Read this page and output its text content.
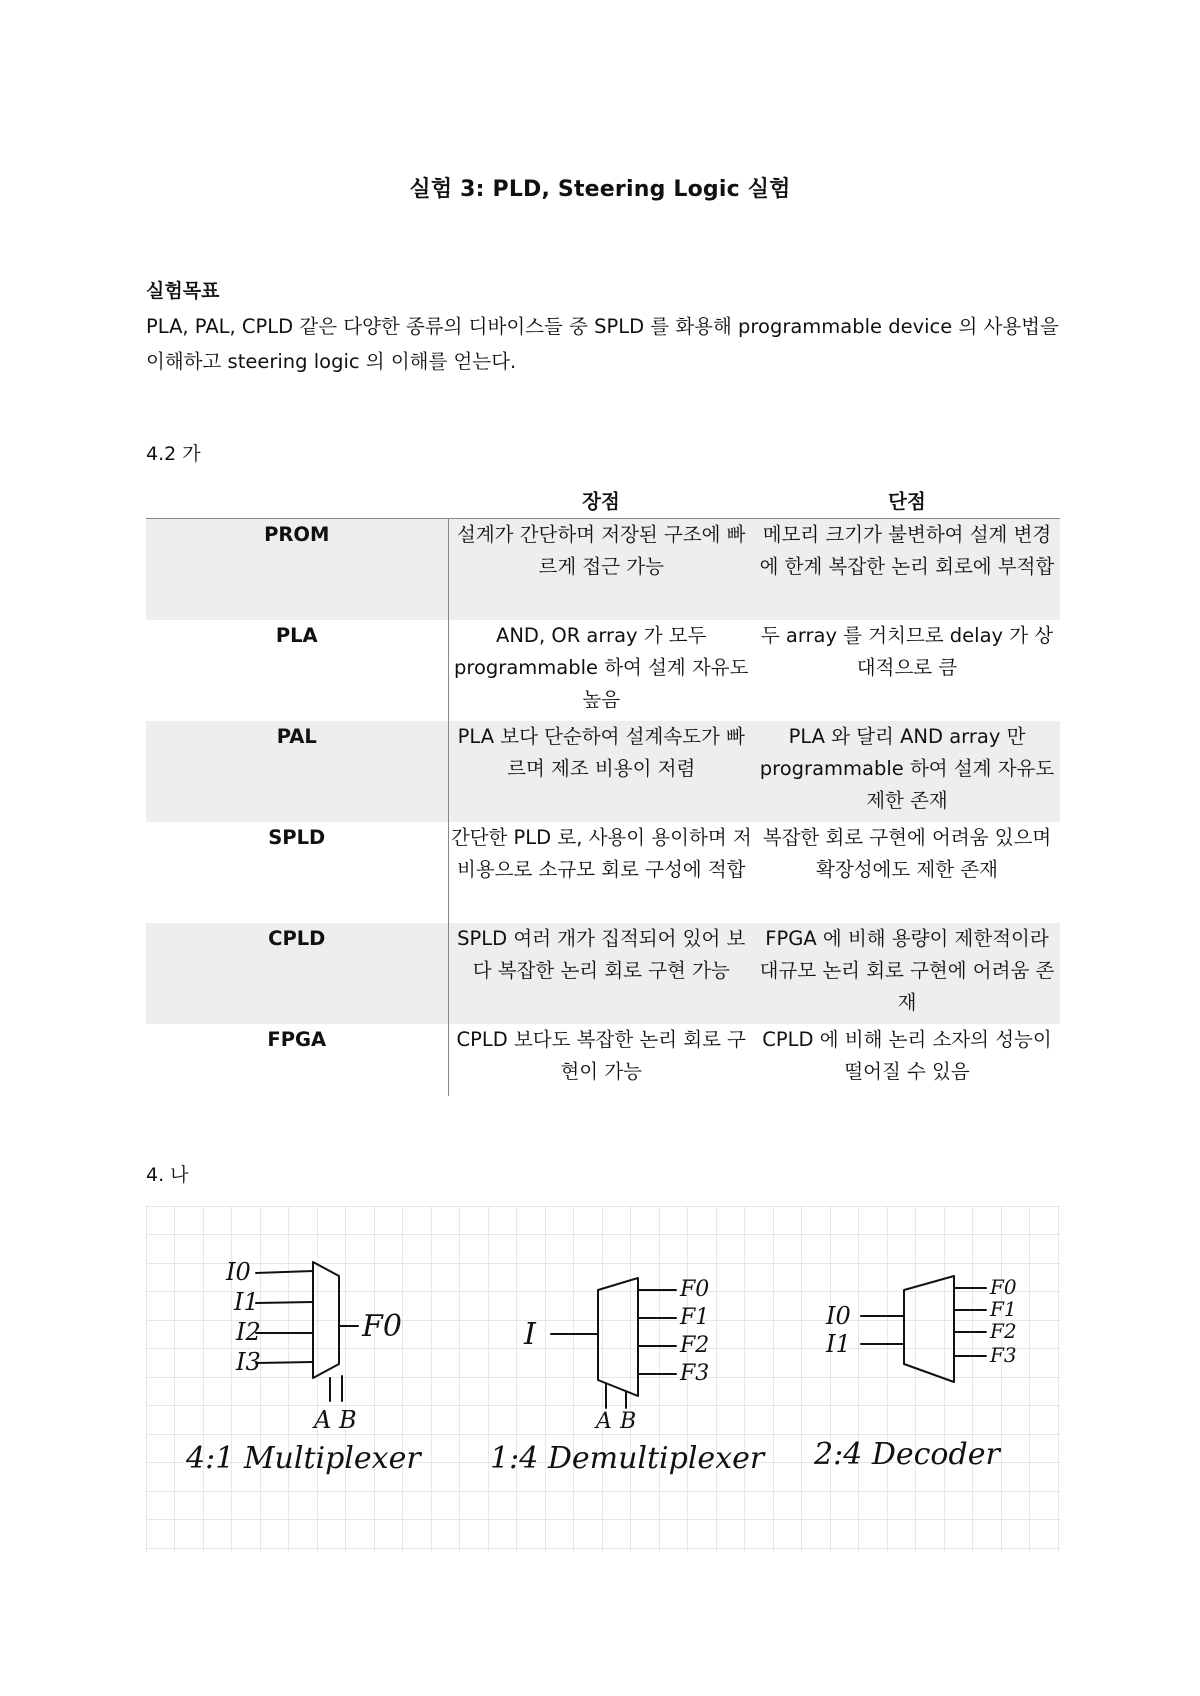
실험 3: PLD, Steering Logic 실험
실험목표
PLA, PAL, CPLD 같은 다양한 종류의 디바이스들 중 SPLD 를 화용해 programmable device 의 사용법을 이해하고 steering logic 의 이해를 얻는다.
4.2 가
	장점	단점
PROM	설계가 간단하며 저장된 구조에 빠르게 접근 가능	메모리 크기가 불변하여 설계 변경에 한계 복잡한 논리 회로에 부적합
PLA	AND, OR array 가 모두 programmable 하여 설계 자유도 높음	두 array 를 거치므로 delay 가 상대적으로 큼
PAL	PLA 보다 단순하여 설계속도가 빠르며 제조 비용이 저렴	PLA 와 달리 AND array 만 programmable 하여 설계 자유도 제한 존재
SPLD	간단한 PLD 로, 사용이 용이하며 저비용으로 소규모 회로 구성에 적합	복잡한 회로 구현에 어려움 있으며 확장성에도 제한 존재
CPLD	SPLD 여러 개가 집적되어 있어 보다 복잡한 논리 회로 구현 가능	FPGA 에 비해 용량이 제한적이라 대규모 논리 회로 구현에 어려움 존재
FPGA	CPLD 보다도 복잡한 논리 회로 구현이 가능	CPLD 에 비해 논리 소자의 성능이 떨어질 수 있음
4. 나
I0
I1
I2
I3
F0
A B
4:1 Multiplexer
I
F0
F1
F2
F3
A B
1:4 Demultiplexer
I0
I1
F0
F1
F2
F3
2:4 Decoder
